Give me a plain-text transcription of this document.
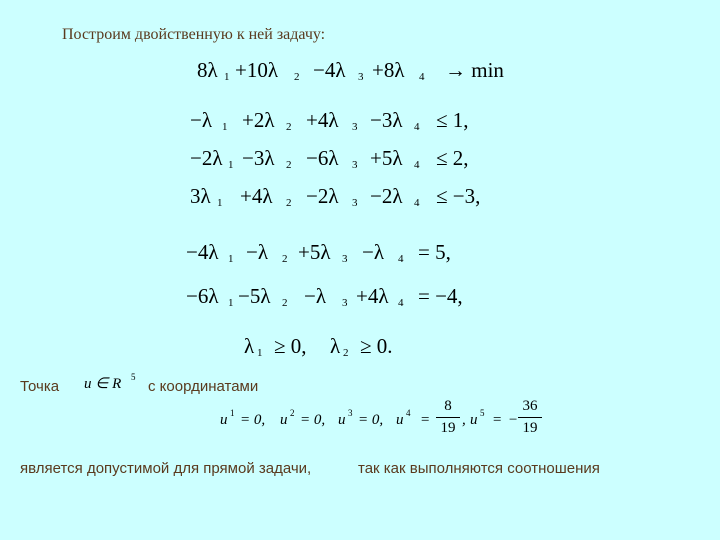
Построим двойственную к ней задачу:
8λ 1 +10λ 2 −4λ 3 +8λ 4 → min
−λ 1 +2λ 2 +4λ 3 −3λ 4 ≤ 1,
−2λ 1 −3λ 2 −6λ 3 +5λ 4 ≤ 2,
3λ 1 +4λ 2 −2λ 3 −2λ 4 ≤ −3,
−4λ 1 −λ 2 +5λ 3 −λ 4 = 5,
−6λ 1 −5λ 2 −λ 3 +4λ 4 = −4,
λ 1 ≥ 0, λ 2 ≥ 0.
Точка u ∈ R 5
с координатами
u 1 = 0, u 2 = 0, u 3 = 0, u 4 =
8
19 , u 5 = −
36
19
является допустимой для прямой задачи,	так как выполняются соотношения
